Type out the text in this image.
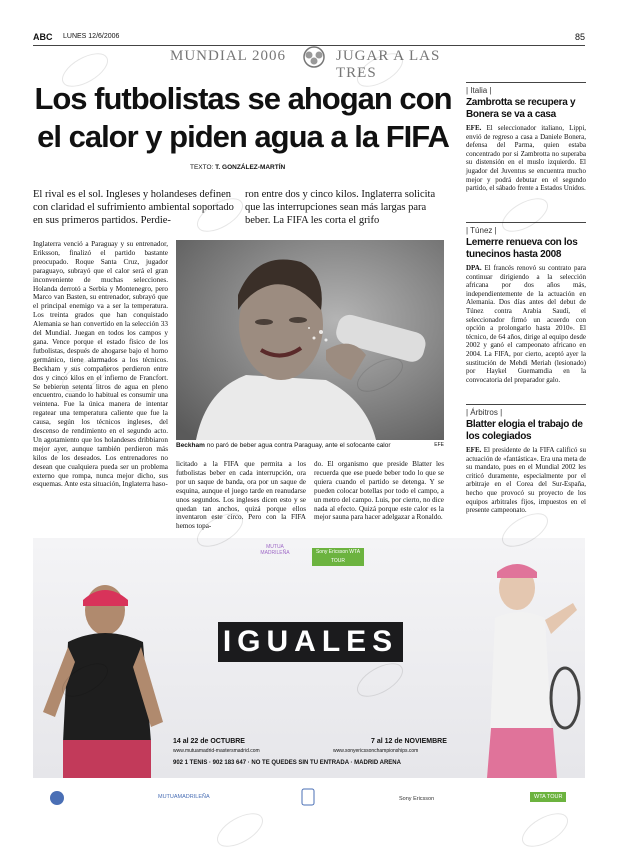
ABC LUNES 12/6/2006	85
MUNDIAL 2006	JUGAR A LAS TRES
Los futbolistas se ahogan con el calor y piden agua a la FIFA
TEXTO: T. GONZÁLEZ-MARTÍN
El rival es el sol. Ingleses y holandeses definen con claridad el sufrimiento ambiental soportado en sus primeros partidos. Perdie-
ron entre dos y cinco kilos. Inglaterra solicita que las interrupciones sean más largas para beber. La FIFA les corta el grifo
Inglaterra venció a Paraguay y su entrenador, Eriksson, finalizó el partido bastante preocupado. Roque Santa Cruz, jugador paraguayo, subrayó que el calor será el gran inconveniente de muchas selecciones. Holanda derrotó a Serbia y Montenegro, pero Marco van Basten, su entrenador, subrayó que el principal enemigo va a ser la temperatura. Los treinta grados que han conquistado Alemania se han convertido en la selección 33 del Mundial. Juegan en todos los campos y gana. Vence porque el estado físico de los futbolistas, después de ahogarse bajo el horno germánico, tiene alarmados a los técnicos. Beckham y sus compañeros perdieron entre dos y cinco kilos en el infierno de Francfort. Se bebieron setenta litros de agua en pleno encuentro, cuando lo habitual es consumir una veintena. Fue la única manera de intentar regatear una temperatura caliente que fue la causa, según los técnicos ingleses, del descenso de rendimiento en el segundo acto. Un agotamiento que los holandeses dribbiaron mejor ayer, aunque también perdieron más kilos de los deseados. Los entrenadores no desean que cualquiera pueda ser un problema externo que rompa, nunca mejor dicho, sus esquemas. Ante esta situación, Inglaterra haso-
Beckham no paró de beber agua contra Paraguay, ante el sofocante calor	EFE
licitado a la FIFA que permita a los futbolistas beber en cada interrupción, ora por un saque de banda, ora por un saque de esquina, aunque el juego tarde en reanudarse unos segundos. Los ingleses dicen esto y se quedan tan anchos, quizá porque ellos inventaron este circo. Pero con la FIFA hemos topa-
do. El organismo que preside Blatter les recuerda que ese puede beber todo lo que se quiera cuando el partido se detenga. Y se pueden colocar botellas por todo el campo, a un metro del campo. Luis, por cierto, no dice nada al efecto. Quizá porque este calor es la mejor sauna para hacer adelgazar a Ronaldo.
| Italia |
Zambrotta se recupera y Bonera se va a casa
EFE. El seleccionador italiano, Lippi, envió de regreso a casa a Daniele Bonera, defensa del Parma, quien estaba concentrado por si Zambrotta no superaba su distensión en el muslo izquierdo. El jugador del Juventus se encuentra mucho mejor y podrá debutar en el segundo partido, el sábado frente a Estados Unidos.
| Túnez |
Lemerre renueva con los tunecinos hasta 2008
DPA. El francés renovó su contrato para continuar dirigiendo a la selección africana por dos años más, independientemente de la actuación en Alemania. Dos días antes del debut de Túnez contra Arabia Saudí, el seleccionador firmó un acuerdo con opción a prolongarlo hasta 2010». El técnico, de 64 años, dirige al equipo desde 2002 y ganó el campeonato africano en 2004. La FIFA, por cierto, aceptó ayer la sustitución de Mehdi Meriah (lesionado) por Haykel Guemamdia en la convocatoria del preparador galo.
| Árbitros |
Blatter elogia el trabajo de los colegiados
EFE. El presidente de la FIFA calificó su actuación de «fantástica». Era una meta de su mandato, pues en el Mundial 2002 les criticó duramente, especialmente por el arbitraje en el Corea del Sur-España, hecho que provocó su proyecto de los equipos arbitrales fijos, impuestos en el presente campeonato.
MUTUA MADRILEÑA	Sony Ericsson WTA TOUR
IGUALES
14 al 22 de OCTUBRE
www.mutuamadrid-mastersmadrid.com
7 al 12 de NOVIEMBRE
www.sonyericssonchampionships.com
902 1 TENIS · 902 183 647 · NO TE QUEDES SIN TU ENTRADA · MADRID ARENA
MUTUAMADRILEÑA	Sony Ericsson	WTA TOUR
